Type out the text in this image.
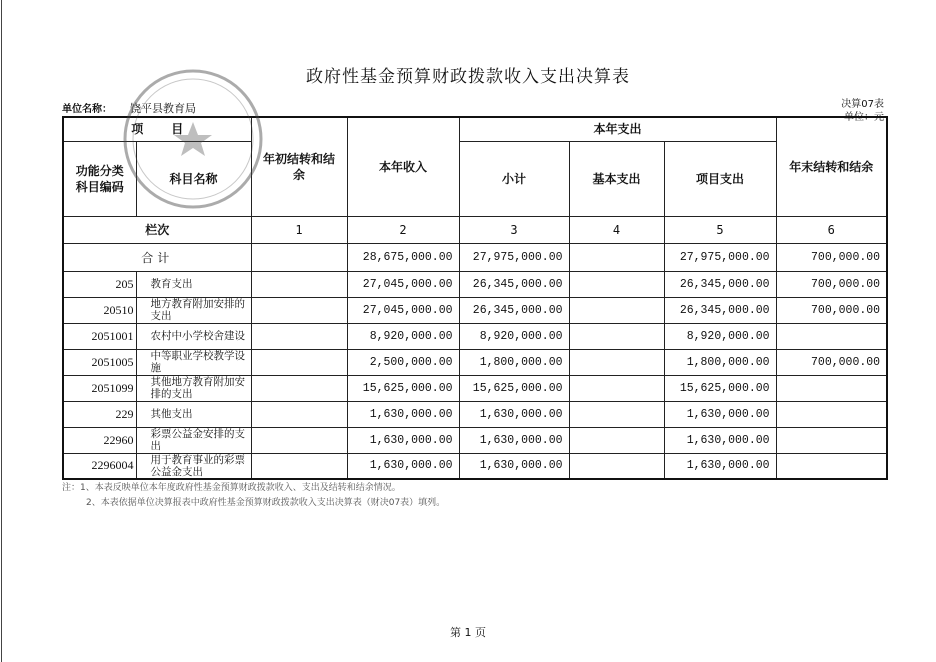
政府性基金预算财政拨款收入支出决算表
单位名称： 饶平县教育局	决算07表
单位：元
项目		年初结转和结余	本年收入	本年支出			年末结转和结余
功能分类科目编码	科目名称			小计	基本支出	项目支出	
栏次		1	2	3	4	5	6
合计			28,675,000.00	27,975,000.00		27,975,000.00	700,000.00
205	教育支出		27,045,000.00	26,345,000.00		26,345,000.00	700,000.00
20510	地方教育附加安排的支出		27,045,000.00	26,345,000.00		26,345,000.00	700,000.00
2051001	农村中小学校舍建设		8,920,000.00	8,920,000.00		8,920,000.00	
2051005	中等职业学校教学设施		2,500,000.00	1,800,000.00		1,800,000.00	700,000.00
2051099	其他地方教育附加安排的支出		15,625,000.00	15,625,000.00		15,625,000.00	
229	其他支出		1,630,000.00	1,630,000.00		1,630,000.00	
22960	彩票公益金安排的支出		1,630,000.00	1,630,000.00		1,630,000.00	
2296004	用于教育事业的彩票公益金支出		1,630,000.00	1,630,000.00		1,630,000.00	
注：1、本表反映单位本年度政府性基金预算财政拨款收入、支出及结转和结余情况。
2、本表依据单位决算报表中政府性基金预算财政拨款收入支出决算表（财决07表）填列。
第 1 页
